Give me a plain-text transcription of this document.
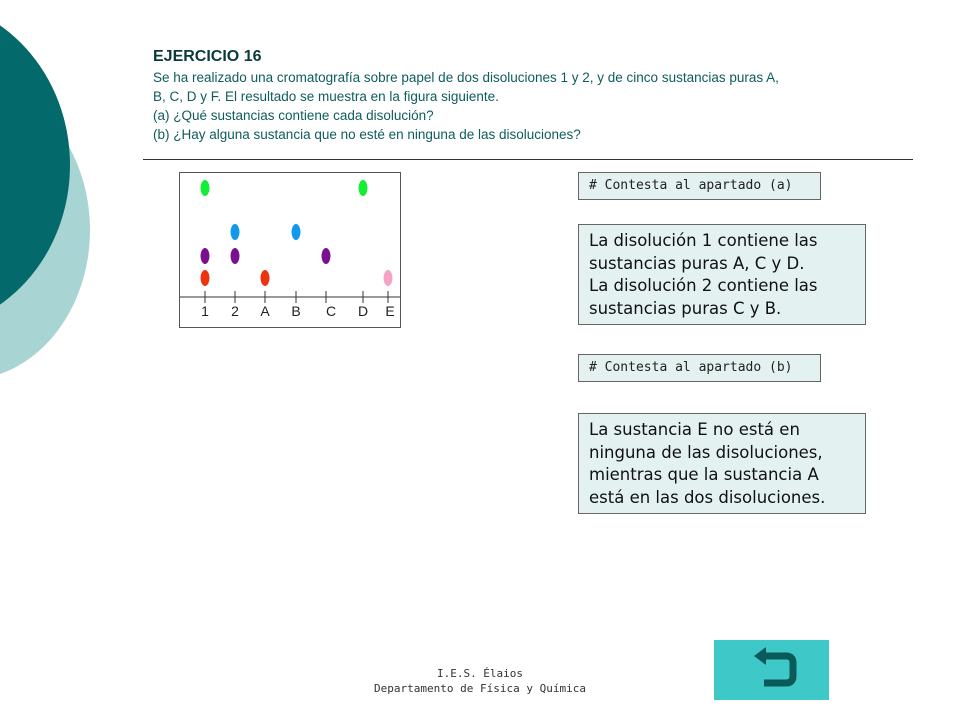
EJERCICIO 16

Se ha realizado una cromatografía sobre papel de dos disoluciones 1 y 2, y de cinco sustancias puras A,

B, C, D y F. El resultado se muestra en la figura siguiente.

(a) ¿Qué sustancias contiene cada disolución?

(b) ¿Hay alguna sustancia que no esté en ninguna de las disoluciones?

1	2	A	B	C	D	E
# Contesta al apartado (a)
La disolución 1 contiene las
sustancias puras A, C y D.
La disolución 2 contiene las
sustancias puras C y B.
# Contesta al apartado (b)
La sustancia E no está en
ninguna de las disoluciones,
mientras que la sustancia A
está en las dos disoluciones.
I.E.S. Élaios
Departamento de Física y Química
